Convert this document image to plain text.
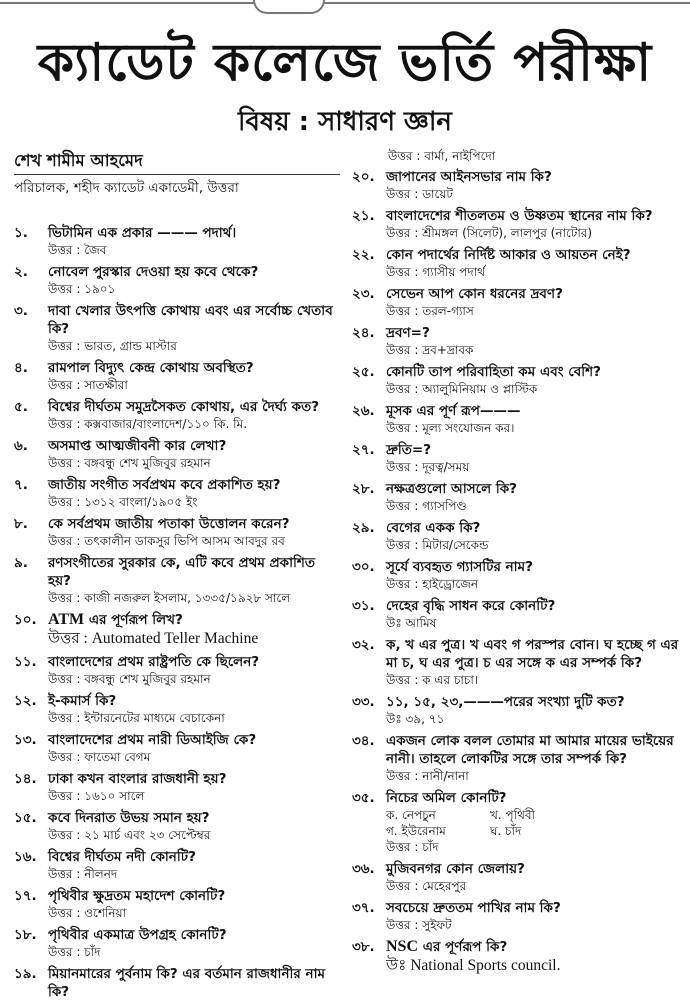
ক্যাডেট কলেজে ভর্তি পরীক্ষা
বিষয় : সাধারণ জ্ঞান
শেখ শামীম আহমেদ
পরিচালক, শহীদ ক্যাডেট একাডেমী, উত্তরা
১.	ভিটামিন এক প্রকার ——— পদার্থ।
উত্তর : জৈব
২.	নোবেল পুরস্কার দেওয়া হয় কবে থেকে?
উত্তর : ১৯০১
৩.	দাবা খেলার উৎপত্তি কোথায় এবং এর সর্বোচ্চ খেতাব কি?
উত্তর : ভারত, গ্রান্ড মাস্টার
৪.	রামপাল বিদ্যুৎ কেন্দ্র কোথায় অবস্থিত?
উত্তর : সাতক্ষীরা
৫.	বিশ্বের দীর্ঘতম সমুদ্রসৈকত কোথায়, এর দৈর্ঘ্য কত?
উত্তর : কক্সবাজার/বাংলাদেশ/১১০ কি. মি.
৬.	অসমাপ্ত আত্মজীবনী কার লেখা?
উত্তর : বঙ্গবন্ধু শেখ মুজিবুর রহমান
৭.	জাতীয় সংগীত সর্বপ্রথম কবে প্রকাশিত হয়?
উত্তর : ১৩১২ বাংলা/১৯০৫ ইং
৮.	কে সর্বপ্রথম জাতীয় পতাকা উত্তোলন করেন?
উত্তর : তৎকালীন ডাকসুর ভিপি আসম আবদুর রব
৯.	রণসংগীতের সুরকার কে, এটি কবে প্রথম প্রকাশিত হয়?
উত্তর : কাজী নজরুল ইসলাম, ১৩৩৫/১৯২৮ সালে
১০. ATM এর পূর্ণরূপ লিখ?
উত্তর : Automated Teller Machine
১১. বাংলাদেশের প্রথম রাষ্ট্রপতি কে ছিলেন?
উত্তর : বঙ্গবন্ধু শেখ মুজিবুর রহমান
১২. ই-কমার্স কি?
উত্তর : ইন্টারনেটের মাধ্যমে বেচাকেনা
১৩. বাংলাদেশের প্রথম নারী ডিআইজি কে?
উত্তর : ফাতেমা বেগম
১৪. ঢাকা কখন বাংলার রাজধানী হয়?
উত্তর : ১৬১০ সালে
১৫. কবে দিনরাত উভয় সমান হয়?
উত্তর : ২১ মার্চ এবং ২৩ সেপ্টেম্বর
১৬. বিশ্বের দীর্ঘতম নদী কোনটি?
উত্তর : নীলনদ
১৭. পৃথিবীর ক্ষুদ্রতম মহাদেশ কোনটি?
উত্তর : ওশেনিয়া
১৮. পৃথিবীর একমাত্র উপগ্রহ কোনটি?
উত্তর : চাঁদ
১৯. মিয়ানমারের পুর্বনাম কি? এর বর্তমান রাজধানীর নাম কি?
উত্তর : বার্মা, নাইপিদো
২০. জাপানের আইনসভার নাম কি?
উত্তর : ডায়েট
২১. বাংলাদেশের শীতলতম ও উষ্ণতম স্থানের নাম কি?
উত্তর : শ্রীমঙ্গল (সিলেট), লালপুর (নাটোর)
২২. কোন পদার্থের নির্দিষ্ট আকার ও আয়তন নেই?
উত্তর : গ্যাসীয় পদার্থ
২৩. সেভেন আপ কোন ধরনের দ্রবণ?
উত্তর : তরল-গ্যাস
২৪. দ্রবণ=?
উত্তর : দ্রব+দ্রাবক
২৫. কোনটি তাপ পরিবাহিতা কম এবং বেশি?
উত্তর : অ্যালুমিনিয়াম ও প্লাস্টিক
২৬. মূসক এর পূর্ণ রূপ———
উত্তর : মূল্য সংযোজন কর।
২৭. দ্রুতি=?
উত্তর : দূরত্ব/সময়
২৮. নক্ষত্রগুলো আসলে কি?
উত্তর : গ্যাসপিণ্ড
২৯. বেগের একক কি?
উত্তর : মিটার/সেকেন্ড
৩০. সূর্যে ব্যবহৃত গ্যাসটির নাম?
উত্তর : হাইড্রোজেন
৩১. দেহের বৃদ্ধি সাধন করে কোনটি?
উঃ আমিষ
৩২. ক, খ এর পুত্র। খ এবং গ পরস্পর বোন। ঘ হচ্ছে গ এর মা চ, ঘ এর পুত্র। চ এর সঙ্গে ক এর সম্পর্ক কি?
উত্তর : ক এর চাচা।
৩৩. ১১, ১৫, ২৩,———পরের সংখ্যা দুটি কত?
উঃ ৩৯, ৭১
৩৪. একজন লোক বলল তোমার মা আমার মায়ের ভাইয়ের নানী। তাহলে লোকটির সঙ্গে তার সম্পর্ক কি?
উত্তর : নানী/নানা
৩৫. নিচের অমিল কোনটি?
ক. নেপচুন	খ. পৃথিবী
গ. ইউরেনাম	ঘ. চাঁদ
উত্তর : চাঁদ
৩৬. মুজিবনগর কোন জেলায়?
উত্তর : মেহেরপুর
৩৭. সবচেয়ে দ্রুততম পাখির নাম কি?
উত্তর : সুইফট
৩৮. NSC এর পূর্ণরূপ কি?
উঃ National Sports council.
